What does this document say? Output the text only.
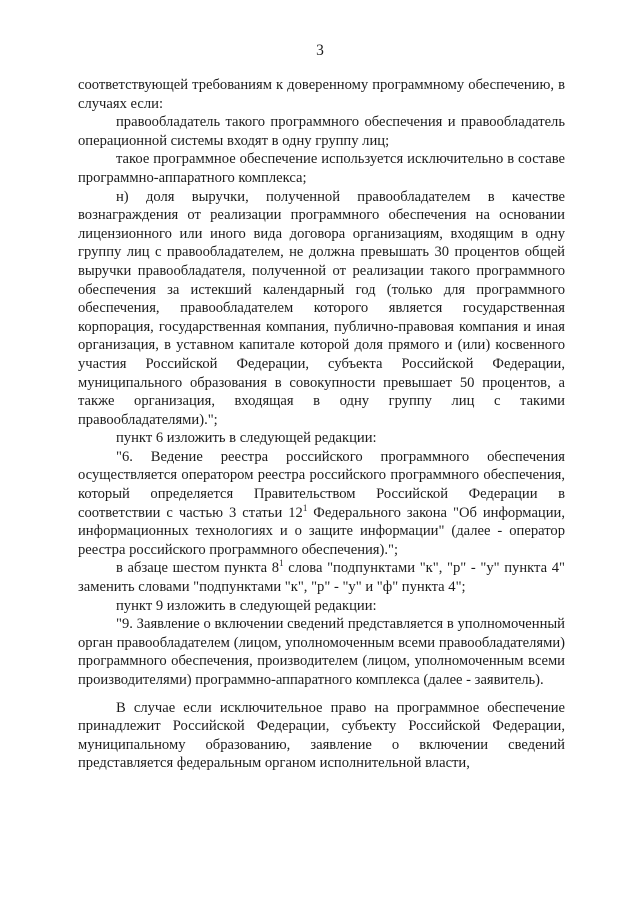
3

соответствующей требованиям к доверенному программному обеспечению, в случаях если:

правообладатель такого программного обеспечения и правообладатель операционной системы входят в одну группу лиц;

такое программное обеспечение используется исключительно в составе программно-аппаратного комплекса;

н) доля выручки, полученной правообладателем в качестве вознаграждения от реализации программного обеспечения на основании лицензионного или иного вида договора организациям, входящим в одну группу лиц с правообладателем, не должна превышать 30 процентов общей выручки правообладателя, полученной от реализации такого программного обеспечения за истекший календарный год (только для программного обеспечения, правообладателем которого является государственная корпорация, государственная компания, публично-правовая компания и иная организация, в уставном капитале которой доля прямого и (или) косвенного участия Российской Федерации, субъекта Российской Федерации, муниципального образования в совокупности превышает 50 процентов, а также организация, входящая в одну группу лиц с такими правообладателями).";

пункт 6 изложить в следующей редакции:

"6. Ведение реестра российского программного обеспечения осуществляется оператором реестра российского программного обеспечения, который определяется Правительством Российской Федерации в соответствии с частью 3 статьи $12^1$ Федерального закона "Об информации, информационных технологиях и о защите информации" (далее - оператор реестра российского программного обеспечения).";

в абзаце шестом пункта $8^1$ слова "подпунктами "к", "р" - "у" пункта 4" заменить словами "подпунктами "к", "р" - "у" и "ф" пункта 4";

пункт 9 изложить в следующей редакции:

"9. Заявление о включении сведений представляется в уполномоченный орган правообладателем (лицом, уполномоченным всеми правообладателями) программного обеспечения, производителем (лицом, уполномоченным всеми производителями) программно-аппаратного комплекса (далее - заявитель).

В случае если исключительное право на программное обеспечение принадлежит Российской Федерации, субъекту Российской Федерации, муниципальному образованию, заявление о включении сведений представляется федеральным органом исполнительной власти,
